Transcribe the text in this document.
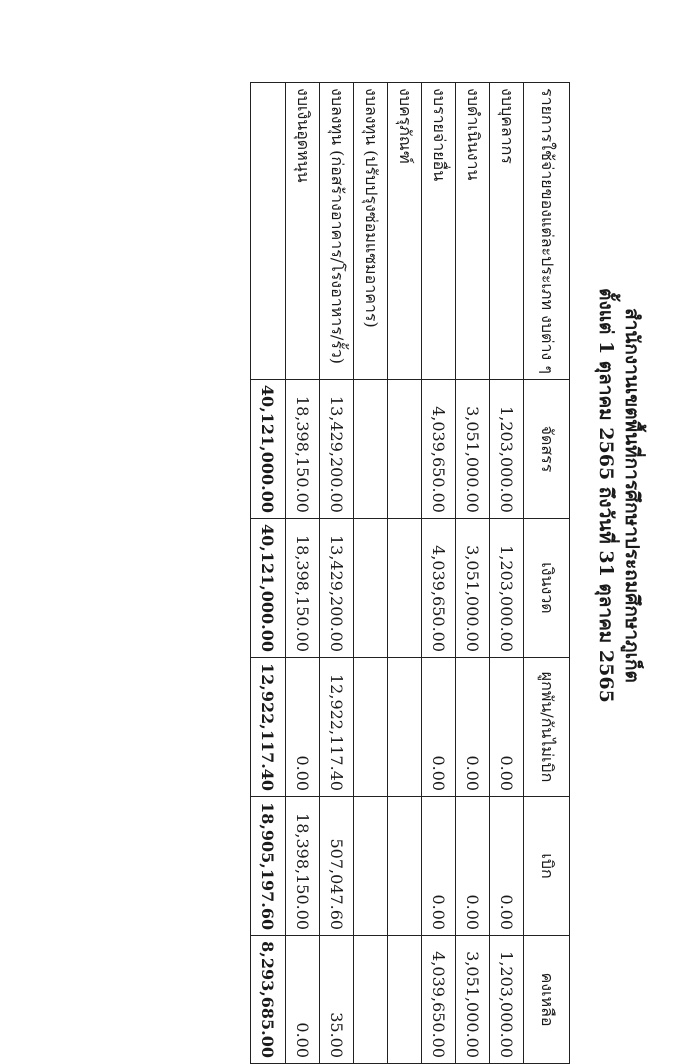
สำนักงานเขตพื้นที่การศึกษาประถมศึกษาภูเก็ต
ตั้งแต่ 1 ตุลาคม 2565 ถึงวันที่ 31 ตุลาคม 2565
รายการใช้จ่ายของแต่ละประเภท งบต่าง ๆ	จัดสรร	เงินงวด	ผูกพัน/กันไม่เบิก	เบิก	คงเหลือ
งบบุคลากร	1,203,000.00	1,203,000.00	0.00	0.00	1,203,000.00
งบดำเนินงาน	3,051,000.00	3,051,000.00	0.00	0.00	3,051,000.00
งบรายจ่ายอื่น	4,039,650.00	4,039,650.00	0.00	0.00	4,039,650.00
งบครุภัณฑ์					
งบลงทุน (ปรับปรุงซ่อมแซมอาคาร)					
งบลงทุน (ก่อสร้างอาคาร/โรงอาหาร/รั้ว)	13,429,200.00	13,429,200.00	12,922,117.40	507,047.60	35.00
งบเงินอุดหนุน	18,398,150.00	18,398,150.00	0.00	18,398,150.00	0.00
	40,121,000.00	40,121,000.00	12,922,117.40	18,905,197.60	8,293,685.00
